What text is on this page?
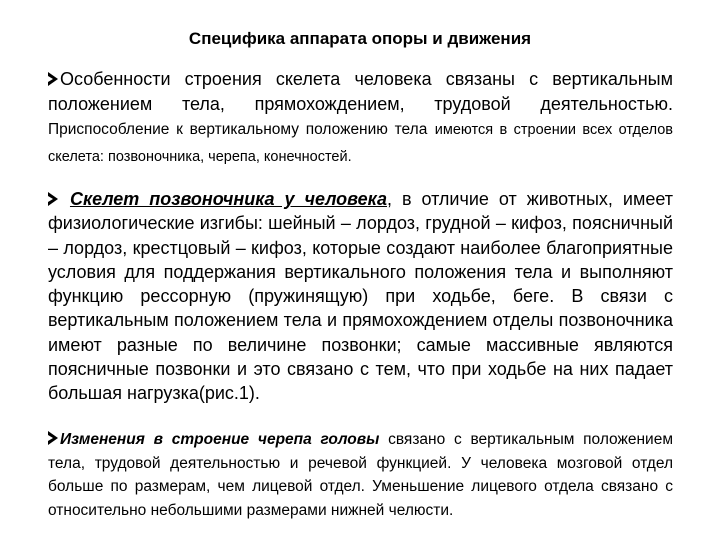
Специфика аппарата опоры и движения
Особенности строения скелета человека связаны с вертикальным положением тела, прямохождением, трудовой деятельностью. Приспособление к вертикальному положению тела имеются в строении всех отделов скелета: позвоночника, черепа, конечностей.
Скелет позвоночника у человека, в отличие от животных, имеет физиологические изгибы: шейный – лордоз, грудной – кифоз, поясничный – лордоз, крестцовый – кифоз, которые создают наиболее благоприятные условия для поддержания вертикального положения тела и выполняют функцию рессорную (пружинящую) при ходьбе, беге. В связи с вертикальным положением тела и прямохождением отделы позвоночника имеют разные по величине позвонки; самые массивные являются поясничные позвонки и это связано с тем, что при ходьбе на них падает большая нагрузка(рис.1).
Изменения в строение черепа головы связано с вертикальным положением тела, трудовой деятельностью и речевой функцией. У человека мозговой отдел больше по размерам, чем лицевой отдел. Уменьшение лицевого отдела связано с относительно небольшими размерами нижней челюсти.
